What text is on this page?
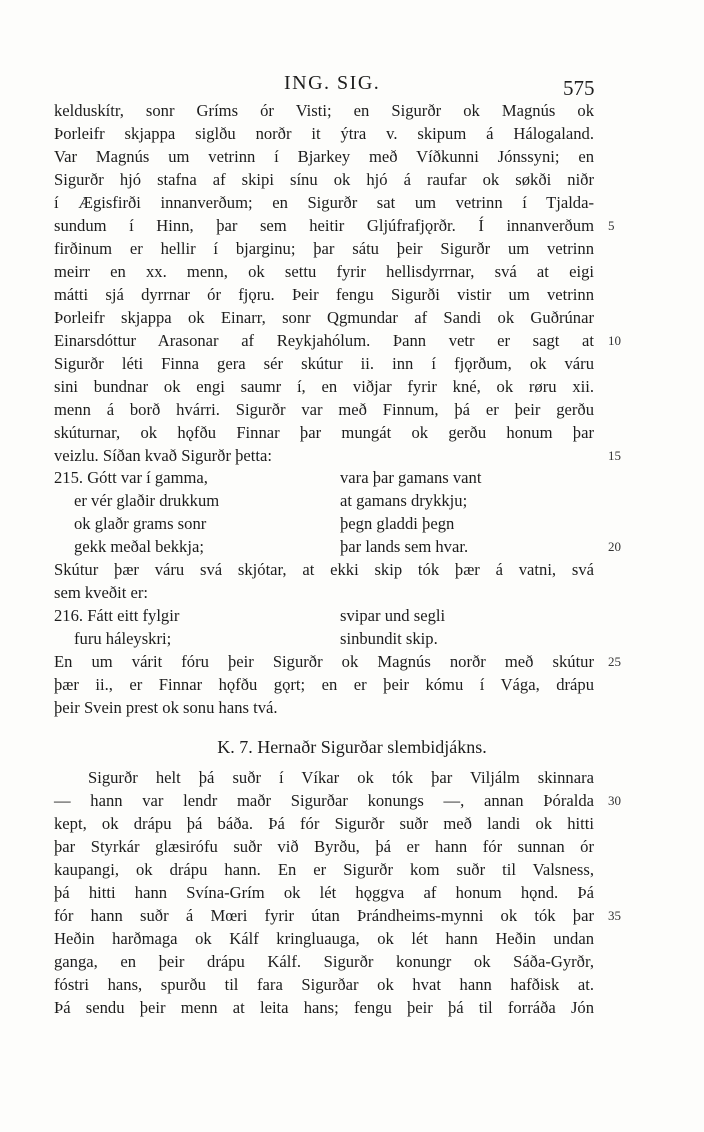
ING. SIG.	575
kelduskítr, sonr Gríms ór Visti; en Sigurðr ok Magnús ok
Þorleifr skjappa siglðu norðr it ýtra v. skipum á Hálogaland.
Var Magnús um vetrinn í Bjarkey með Víðkunni Jónssyni; en
Sigurðr hjó stafna af skipi sínu ok hjó á raufar ok søkði niðr
í Ægisfirði innanverðum; en Sigurðr sat um vetrinn í Tjalda-
sundum í Hinn, þar sem heitir Gljúfrafjǫrðr. Í innanverðum
firðinum er hellir í bjarginu; þar sátu þeir Sigurðr um vetrinn
meirr en xx. menn, ok settu fyrir hellisdyrrnar, svá at eigi
mátti sjá dyrrnar ór fjǫru. Þeir fengu Sigurði vistir um vetrinn
Þorleifr skjappa ok Einarr, sonr Qgmundar af Sandi ok Guðrúnar
Einarsdóttur Arasonar af Reykjahólum. Þann vetr er sagt at
Sigurðr léti Finna gera sér skútur ii. inn í fjǫrðum, ok váru
sini bundnar ok engi saumr í, en viðjar fyrir kné, ok røru xii.
menn á borð hvárri. Sigurðr var með Finnum, þá er þeir gerðu
skúturnar, ok hǫfðu Finnar þar mungát ok gerðu honum þar
veizlu. Síðan kvað Sigurðr þetta:
215. Gótt var í gamma,	vara þar gamans vant
er vér glaðir drukkum	at gamans drykkju;
ok glaðr grams sonr	þegn gladdi þegn
gekk meðal bekkja;	þar lands sem hvar.
Skútur þær váru svá skjótar, at ekki skip tók þær á vatni, svá
sem kveðit er:
216. Fátt eitt fylgir	svipar und segli
furu háleyskri;	sinbundit skip.
En um várit fóru þeir Sigurðr ok Magnús norðr með skútur
þær ii., er Finnar hǫfðu gǫrt; en er þeir kómu í Vága, drápu
þeir Svein prest ok sonu hans tvá.
K. 7. Hernaðr Sigurðar slembidjákns.
Sigurðr helt þá suðr í Víkar ok tók þar Viljálm skinnara
— hann var lendr maðr Sigurðar konungs —, annan Þóralda
kept, ok drápu þá báða. Þá fór Sigurðr suðr með landi ok hitti
þar Styrkár glæsirófu suðr við Byrðu, þá er hann fór sunnan ór
kaupangi, ok drápu hann. En er Sigurðr kom suðr til Valsness,
þá hitti hann Svína-Grím ok lét hǫggva af honum hǫnd. Þá
fór hann suðr á Mœri fyrir útan Þrándheims-mynni ok tók þar
Heðin harðmaga ok Kálf kringluauga, ok lét hann Heðin undan
ganga, en þeir drápu Kálf. Sigurðr konungr ok Sáða-Gyrðr,
fóstri hans, spurðu til fara Sigurðar ok hvat hann hafðisk at.
Þá sendu þeir menn at leita hans; fengu þeir þá til forráða Jón
5
10
15
20
25
30
35
